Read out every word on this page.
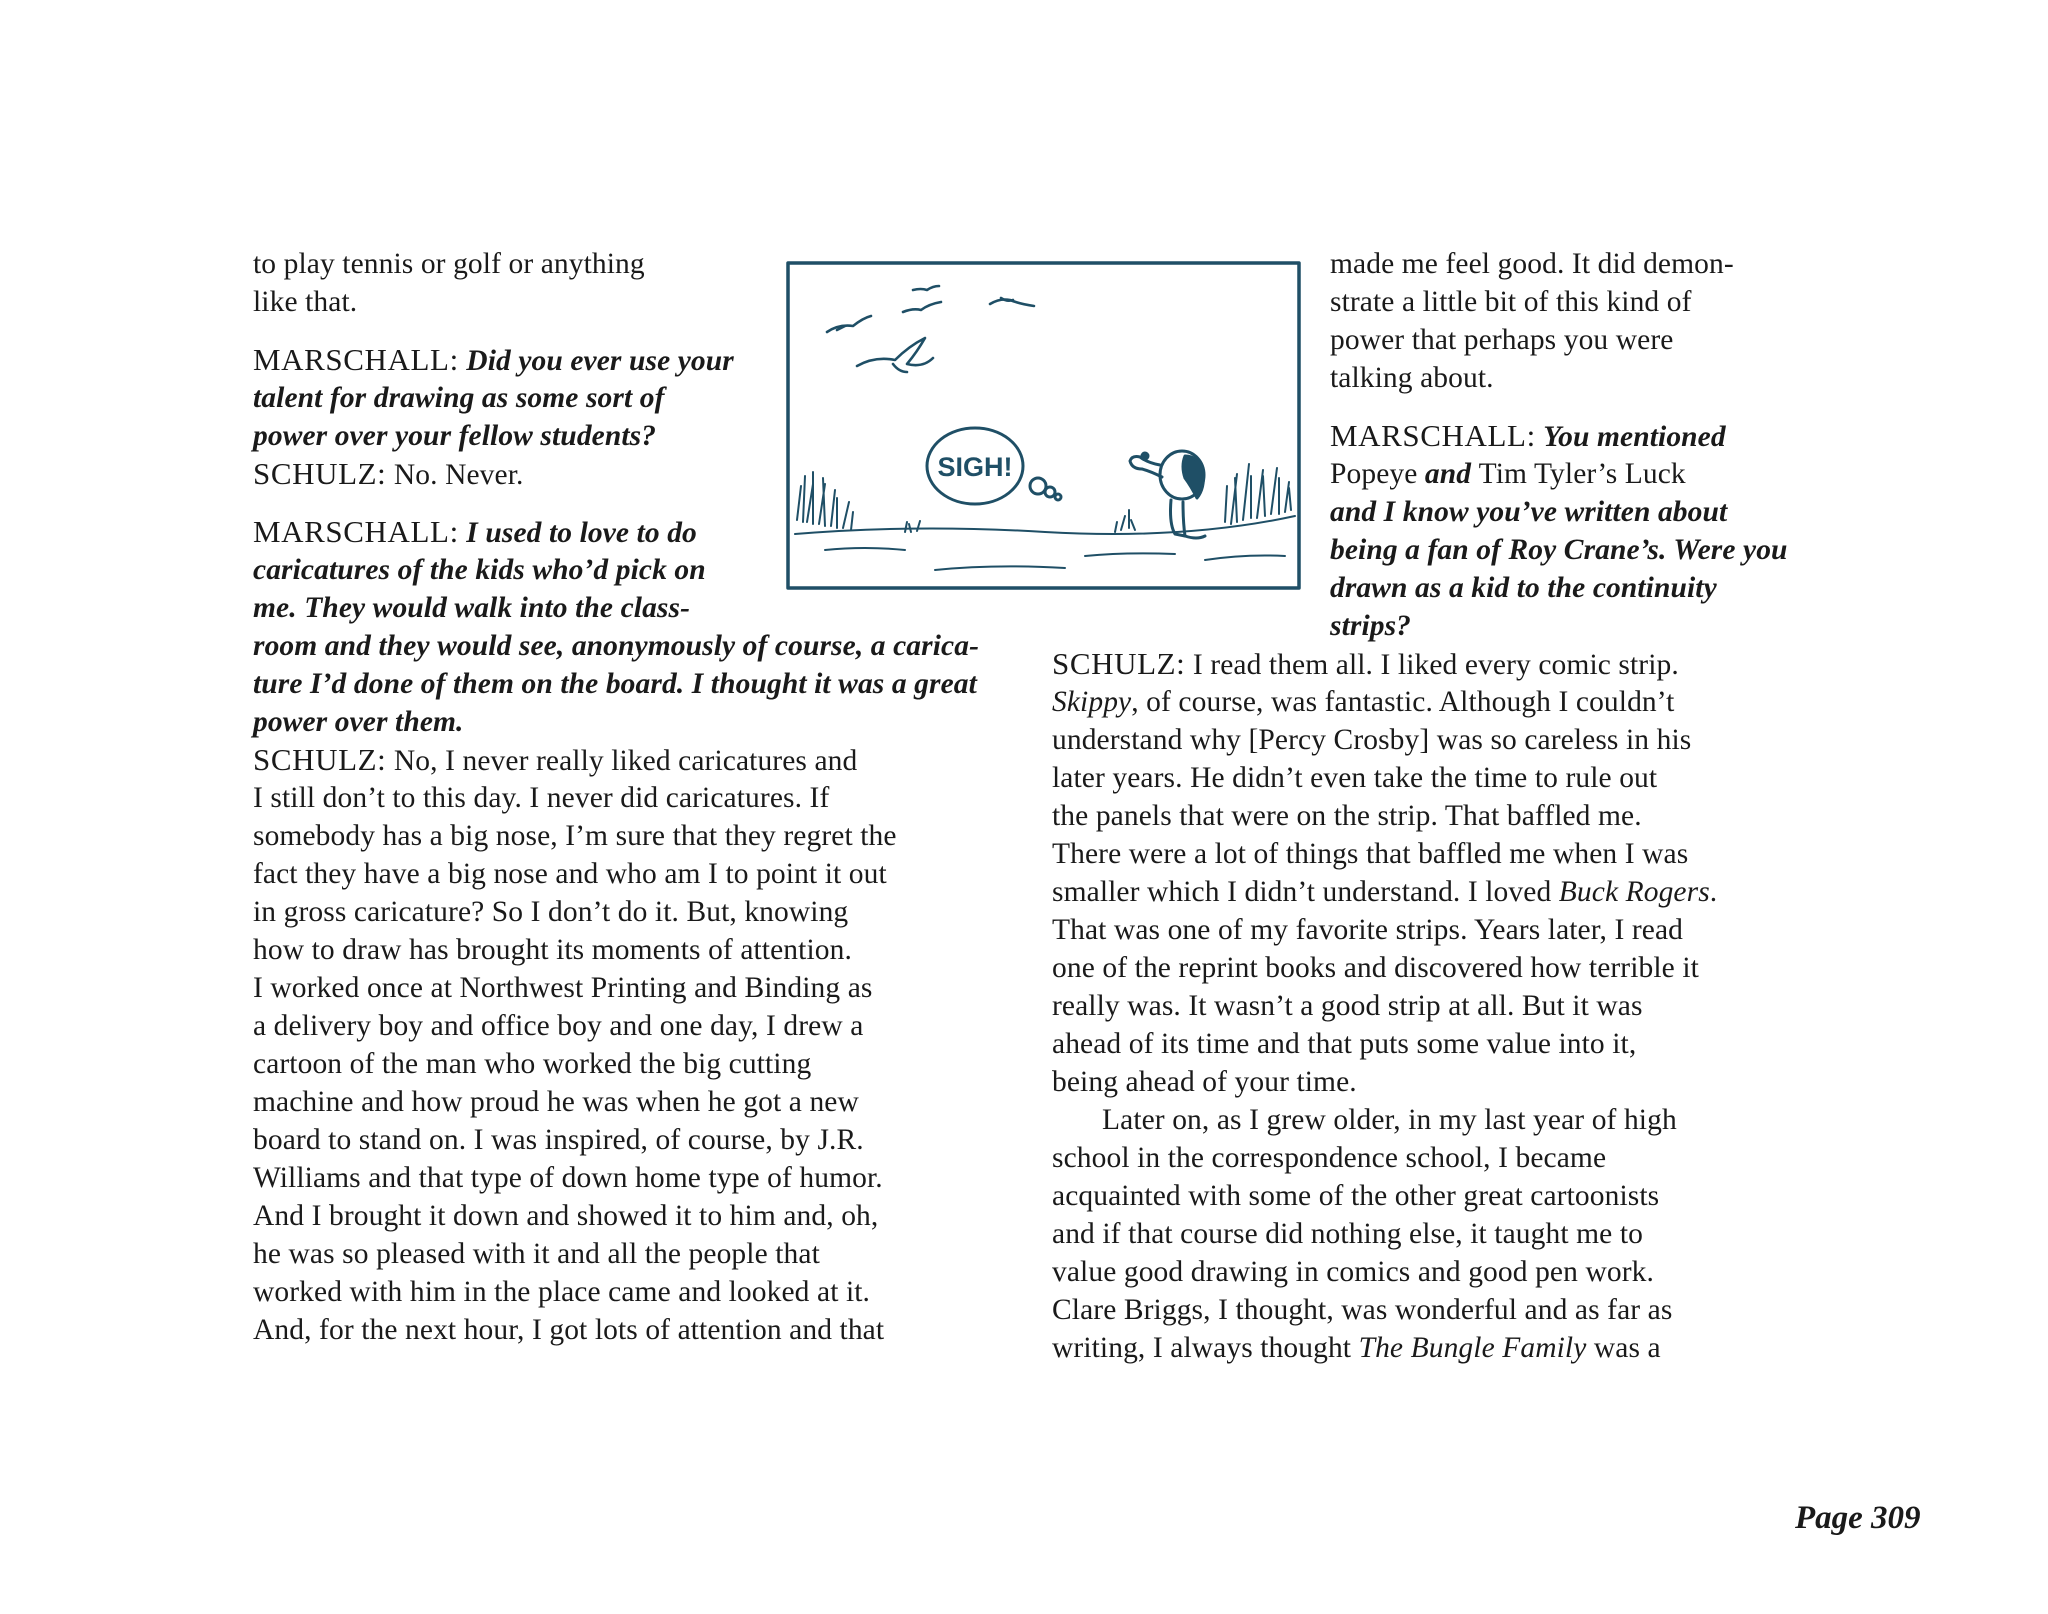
to play tennis or golf or anything
like that.
MARSCHALL: Did you ever use your
talent for drawing as some sort of
power over your fellow students?
SCHULZ: No. Never.
MARSCHALL: I used to love to do
caricatures of the kids who’d pick on
me. They would walk into the class-
room and they would see, anonymously of course, a carica-
ture I’d done of them on the board. I thought it was a great
power over them.
SCHULZ: No, I never really liked caricatures and
I still don’t to this day. I never did caricatures. If
somebody has a big nose, I’m sure that they regret the
fact they have a big nose and who am I to point it out
in gross caricature? So I don’t do it. But, knowing
how to draw has brought its moments of attention.
I worked once at Northwest Printing and Binding as
a delivery boy and office boy and one day, I drew a
cartoon of the man who worked the big cutting
machine and how proud he was when he got a new
board to stand on. I was inspired, of course, by J.R.
Williams and that type of down home type of humor.
And I brought it down and showed it to him and, oh,
he was so pleased with it and all the people that
worked with him in the place came and looked at it.
And, for the next hour, I got lots of attention and that
SIGH!
made me feel good. It did demon-
strate a little bit of this kind of
power that perhaps you were
talking about.
MARSCHALL: You mentioned
Popeye and Tim Tyler’s Luck
and I know you’ve written about
being a fan of Roy Crane’s. Were you
drawn as a kid to the continuity
strips?
SCHULZ: I read them all. I liked every comic strip.
Skippy, of course, was fantastic. Although I couldn’t
understand why [Percy Crosby] was so careless in his
later years. He didn’t even take the time to rule out
the panels that were on the strip. That baffled me.
There were a lot of things that baffled me when I was
smaller which I didn’t understand. I loved Buck Rogers.
That was one of my favorite strips. Years later, I read
one of the reprint books and discovered how terrible it
really was. It wasn’t a good strip at all. But it was
ahead of its time and that puts some value into it,
being ahead of your time.
Later on, as I grew older, in my last year of high
school in the correspondence school, I became
acquainted with some of the other great cartoonists
and if that course did nothing else, it taught me to
value good drawing in comics and good pen work.
Clare Briggs, I thought, was wonderful and as far as
writing, I always thought The Bungle Family was a
Page 309
